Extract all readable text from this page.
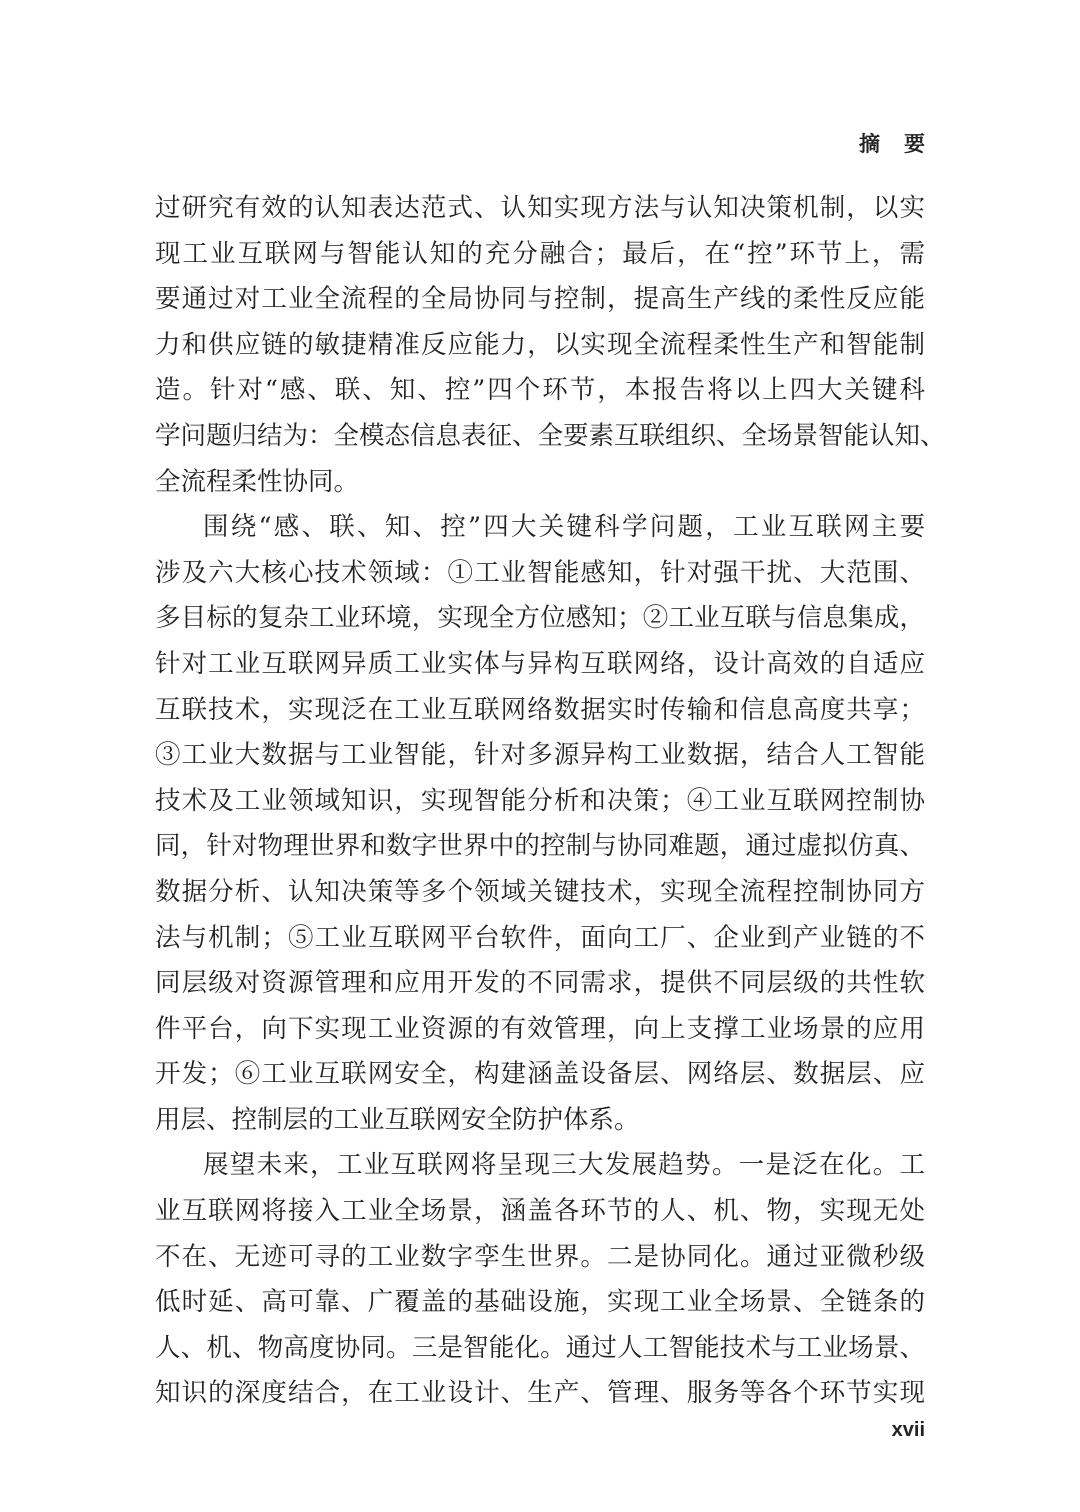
摘要
过研究有效的认知表达范式、认知实现方法与认知决策机制，以实
现工业互联网与智能认知的充分融合；最后，在“控”环节上，需
要通过对工业全流程的全局协同与控制，提高生产线的柔性反应能
力和供应链的敏捷精准反应能力，以实现全流程柔性生产和智能制
造。针对“感、联、知、控”四个环节，本报告将以上四大关键科
学问题归结为：全模态信息表征、全要素互联组织、全场景智能认知、
全流程柔性协同。
围绕“感、联、知、控”四大关键科学问题，工业互联网主要
涉及六大核心技术领域：①工业智能感知，针对强干扰、大范围、
多目标的复杂工业环境，实现全方位感知；②工业互联与信息集成，
针对工业互联网异质工业实体与异构互联网络，设计高效的自适应
互联技术，实现泛在工业互联网络数据实时传输和信息高度共享；
③工业大数据与工业智能，针对多源异构工业数据，结合人工智能
技术及工业领域知识，实现智能分析和决策；④工业互联网控制协
同，针对物理世界和数字世界中的控制与协同难题，通过虚拟仿真、
数据分析、认知决策等多个领域关键技术，实现全流程控制协同方
法与机制；⑤工业互联网平台软件，面向工厂、企业到产业链的不
同层级对资源管理和应用开发的不同需求，提供不同层级的共性软
件平台，向下实现工业资源的有效管理，向上支撑工业场景的应用
开发；⑥工业互联网安全，构建涵盖设备层、网络层、数据层、应
用层、控制层的工业互联网安全防护体系。
展望未来，工业互联网将呈现三大发展趋势。一是泛在化。工
业互联网将接入工业全场景，涵盖各环节的人、机、物，实现无处
不在、无迹可寻的工业数字孪生世界。二是协同化。通过亚微秒级
低时延、高可靠、广覆盖的基础设施，实现工业全场景、全链条的
人、机、物高度协同。三是智能化。通过人工智能技术与工业场景、
知识的深度结合，在工业设计、生产、管理、服务等各个环节实现
xvii
